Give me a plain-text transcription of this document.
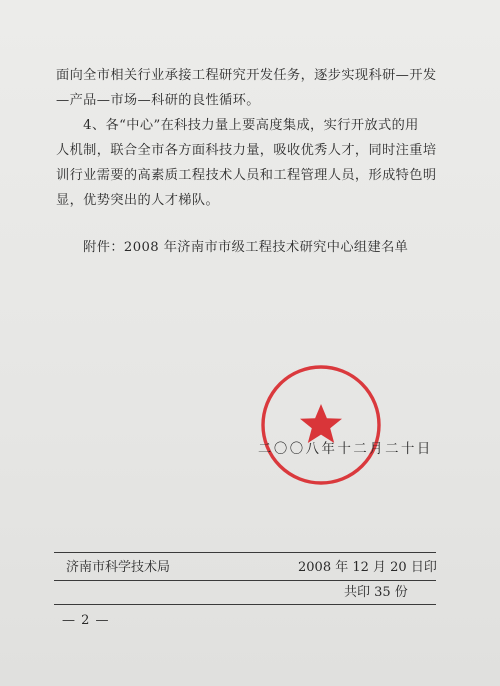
面向全市相关行业承接工程研究开发任务，逐步实现科研—开发
—产品—市场—科研的良性循环。
　　4、各“中心”在科技力量上要高度集成，实行开放式的用
人机制，联合全市各方面科技力量，吸收优秀人才，同时注重培
训行业需要的高素质工程技术人员和工程管理人员，形成特色明
显，优势突出的人才梯队。
　　附件：2008 年济南市市级工程技术研究中心组建名单
二〇〇八年十二月二十日
济南市科学技术局	2008 年 12 月 20 日印
共印 35 份
— 2 —
